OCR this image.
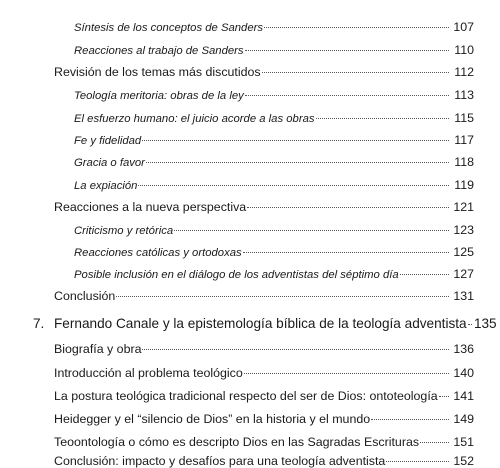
Síntesis de los conceptos de Sanders	107
Reacciones al trabajo de Sanders	110
Revisión de los temas más discutidos	112
Teología meritoria: obras de la ley	113
El esfuerzo humano: el juicio acorde a las obras	115
Fe y fidelidad	117
Gracia o favor	118
La expiación	119
Reacciones a la nueva perspectiva	121
Criticismo y retórica	123
Reacciones católicas y ortodoxas	125
Posible inclusión en el diálogo de los adventistas del séptimo día	127
Conclusión	131
7. Fernando Canale y la epistemología bíblica de la teología adventista 135
Biografía y obra	136
Introducción al problema teológico	140
La postura teológica tradicional respecto del ser de Dios: ontoteología 141
Heidegger y el “silencio de Dios” en la historia y el mundo	149
Teoontología o cómo es descripto Dios en las Sagradas Escrituras	151
Conclusión: impacto y desafíos para una teología adventista	152
